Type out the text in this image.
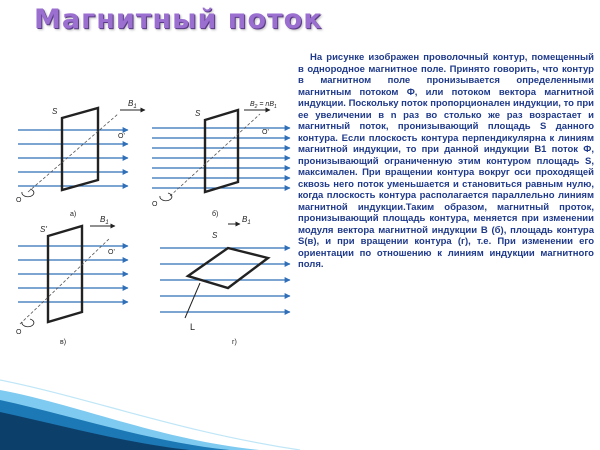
Магнитный поток
S
$B_1$
O'
O
а)
S
$B_2 = nB_1$
O'
O
б)
S'
$B_1$
O'
O
в)
S
$B_1$
L
г)

На рисунке изображен проволочный контур, помещенный в однородное магнитное поле. Принято говорить, что контур в магнитном поле пронизывается определенными магнитным потоком Ф, или потоком вектора магнитной индукции. Поскольку поток пропорционален индукции, то при ее увеличении в n раз во столько же раз возрастает и магнитный поток, пронизывающий площадь S данного контура. Если плоскость контура перпендикулярна к линиям магнитной индукции, то при данной индукции В1 поток Ф, пронизывающий ограниченную этим контуром площадь S, максимален. При вращении контура вокруг оси проходящей сквозь него поток уменьшается и становиться равным нулю, когда плоскость контура располагается параллельно линиям магнитной индукции.Таким образом, магнитный проток, пронизывающий площадь контура, меняется при изменении модуля вектора магнитной индукции В (б), площадь контура S(в), и при вращении контура (г), т.е. При изменении его ориентации по отношению к линиям индукции магнитного поля.
